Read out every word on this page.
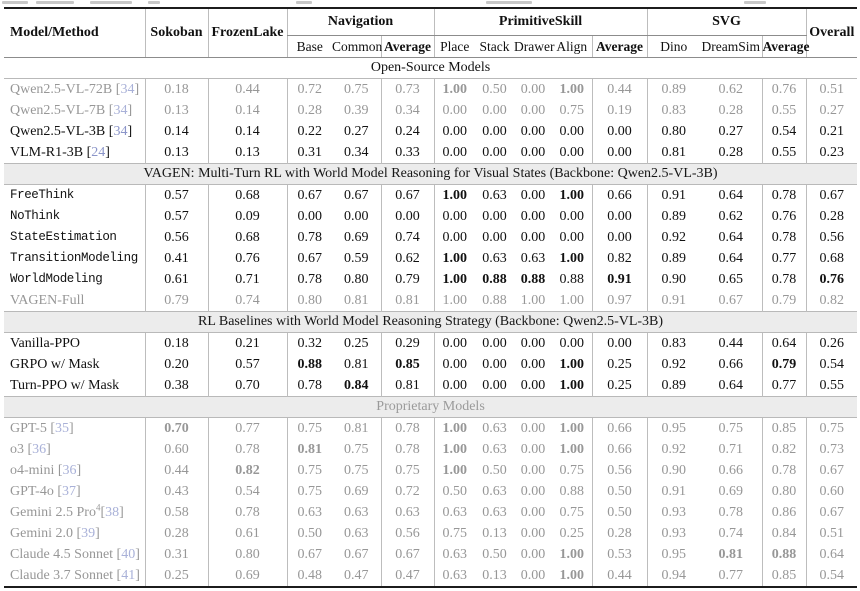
Model/Method	Sokoban	FrozenLake	Navigation			PrimitiveSkill					SVG			Overall
			Base	Common	Average	Place	Stack	Drawer	Align	Average	Dino	DreamSim	Average	
Open-Source Models														
Qwen2.5-VL-72B [34]	0.18	0.44	0.72	0.75	0.73	1.00	0.50	0.00	1.00	0.44	0.89	0.62	0.76	0.51
Qwen2.5-VL-7B [34]	0.13	0.14	0.28	0.39	0.34	0.00	0.00	0.00	0.75	0.19	0.83	0.28	0.55	0.27
Qwen2.5-VL-3B [34]	0.14	0.14	0.22	0.27	0.24	0.00	0.00	0.00	0.00	0.00	0.80	0.27	0.54	0.21
VLM-R1-3B [24]	0.13	0.13	0.31	0.34	0.33	0.00	0.00	0.00	0.00	0.00	0.81	0.28	0.55	0.23
VAGEN: Multi-Turn RL with World Model Reasoning for Visual States (Backbone: Qwen2.5-VL-3B)														
FreeThink	0.57	0.68	0.67	0.67	0.67	1.00	0.63	0.00	1.00	0.66	0.91	0.64	0.78	0.67
NoThink	0.57	0.09	0.00	0.00	0.00	0.00	0.00	0.00	0.00	0.00	0.89	0.62	0.76	0.28
StateEstimation	0.56	0.68	0.78	0.69	0.74	0.00	0.00	0.00	0.00	0.00	0.92	0.64	0.78	0.56
TransitionModeling	0.41	0.76	0.67	0.59	0.62	1.00	0.63	0.63	1.00	0.82	0.89	0.64	0.77	0.68
WorldModeling	0.61	0.71	0.78	0.80	0.79	1.00	0.88	0.88	0.88	0.91	0.90	0.65	0.78	0.76
VAGEN-Full	0.79	0.74	0.80	0.81	0.81	1.00	0.88	1.00	1.00	0.97	0.91	0.67	0.79	0.82
RL Baselines with World Model Reasoning Strategy (Backbone: Qwen2.5-VL-3B)														
Vanilla-PPO	0.18	0.21	0.32	0.25	0.29	0.00	0.00	0.00	0.00	0.00	0.83	0.44	0.64	0.26
GRPO w/ Mask	0.20	0.57	0.88	0.81	0.85	0.00	0.00	0.00	1.00	0.25	0.92	0.66	0.79	0.54
Turn-PPO w/ Mask	0.38	0.70	0.78	0.84	0.81	0.00	0.00	0.00	1.00	0.25	0.89	0.64	0.77	0.55
Proprietary Models														
GPT-5 [35]	0.70	0.77	0.75	0.81	0.78	1.00	0.63	0.00	1.00	0.66	0.95	0.75	0.85	0.75
o3 [36]	0.60	0.78	0.81	0.75	0.78	1.00	0.63	0.00	1.00	0.66	0.92	0.71	0.82	0.73
o4-mini [36]	0.44	0.82	0.75	0.75	0.75	1.00	0.50	0.00	0.75	0.56	0.90	0.66	0.78	0.67
GPT-4o [37]	0.43	0.54	0.75	0.69	0.72	0.50	0.63	0.00	0.88	0.50	0.91	0.69	0.80	0.60
Gemini 2.5 Pro$^4$[38]	0.58	0.78	0.63	0.63	0.63	0.63	0.63	0.00	0.75	0.50	0.93	0.78	0.86	0.67
Gemini 2.0 [39]	0.28	0.61	0.50	0.63	0.56	0.75	0.13	0.00	0.25	0.28	0.93	0.74	0.84	0.51
Claude 4.5 Sonnet [40]	0.31	0.80	0.67	0.67	0.67	0.63	0.50	0.00	1.00	0.53	0.95	0.81	0.88	0.64
Claude 3.7 Sonnet [41]	0.25	0.69	0.48	0.47	0.47	0.63	0.13	0.00	1.00	0.44	0.94	0.77	0.85	0.54
